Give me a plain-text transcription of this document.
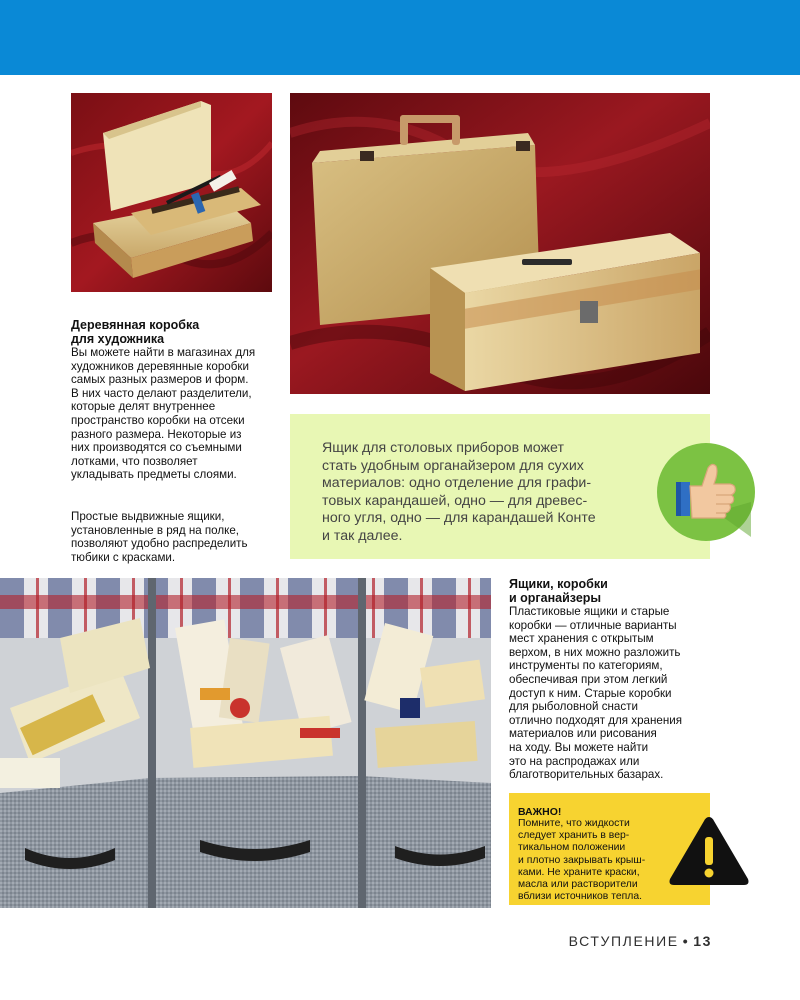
Деревянная коробка
для художника

Вы можете найти в магазинах для
художников деревянные коробки
самых разных размеров и форм.
В них часто делают разделители,
которые делят внутреннее
пространство коробки на отсеки
разного размера. Некоторые из
них производятся со съемными
лотками, что позволяет
укладывать предметы слоями.

Простые выдвижные ящики,
установленные в ряд на полке,
позволяют удобно распределить
тюбики с красками.

Ящик для столовых приборов может
стать удобным органайзером для сухих
материалов: одно отделение для графи-
товых карандашей, одно — для древес-
ного угля, одно — для карандашей Конте
и так далее.

Ящики, коробки
и органайзеры

Пластиковые ящики и старые
коробки — отличные варианты
мест хранения с открытым
верхом, в них можно разложить
инструменты по категориям,
обеспечивая при этом легкий
доступ к ним. Старые коробки
для рыболовной снасти
отлично подходят для хранения
материалов или рисования
на ходу. Вы можете найти
это на распродажах или
благотворительных базарах.

ВАЖНО!
Помните, что жидкости
следует хранить в вер-
тикальном положении
и плотно закрывать крыш-
ками. Не храните краски,
масла или растворители
вблизи источников тепла.
ВСТУПЛЕНИЕ • 13
